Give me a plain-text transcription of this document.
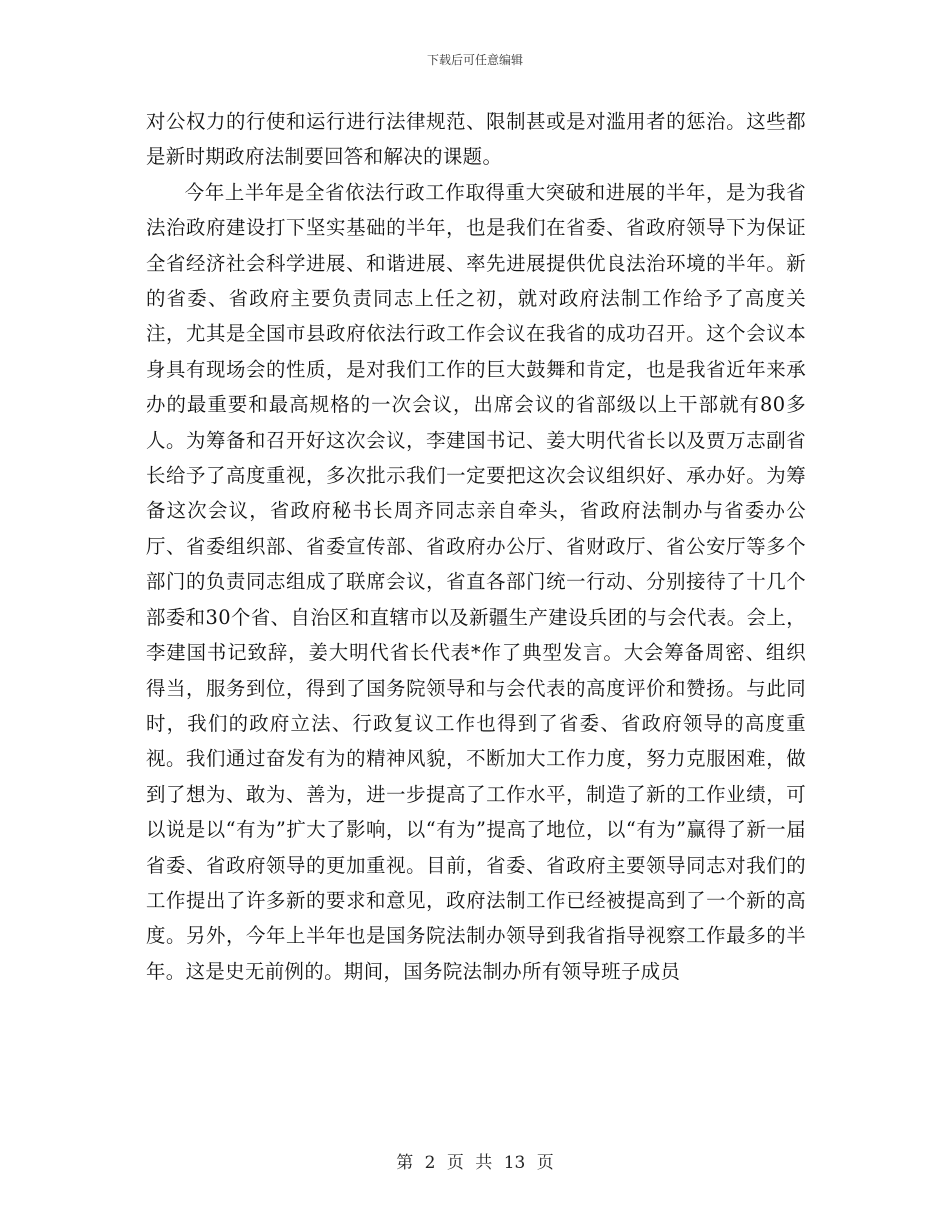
下载后可任意编辑

对公权力的行使和运行进行法律规范、限制甚或是对滥用者的惩治。这些都是新时期政府法制要回答和解决的课题。

今年上半年是全省依法行政工作取得重大突破和进展的半年，是为我省法治政府建设打下坚实基础的半年，也是我们在省委、省政府领导下为保证全省经济社会科学进展、和谐进展、率先进展提供优良法治环境的半年。新的省委、省政府主要负责同志上任之初，就对政府法制工作给予了高度关注，尤其是全国市县政府依法行政工作会议在我省的成功召开。这个会议本身具有现场会的性质，是对我们工作的巨大鼓舞和肯定，也是我省近年来承办的最重要和最高规格的一次会议，出席会议的省部级以上干部就有80多人。为筹备和召开好这次会议，李建国书记、姜大明代省长以及贾万志副省长给予了高度重视，多次批示我们一定要把这次会议组织好、承办好。为筹备这次会议，省政府秘书长周齐同志亲自牵头，省政府法制办与省委办公厅、省委组织部、省委宣传部、省政府办公厅、省财政厅、省公安厅等多个部门的负责同志组成了联席会议，省直各部门统一行动、分别接待了十几个部委和30个省、自治区和直辖市以及新疆生产建设兵团的与会代表。会上，李建国书记致辞，姜大明代省长代表*作了典型发言。大会筹备周密、组织得当，服务到位，得到了国务院领导和与会代表的高度评价和赞扬。与此同时，我们的政府立法、行政复议工作也得到了省委、省政府领导的高度重视。我们通过奋发有为的精神风貌，不断加大工作力度，努力克服困难，做到了想为、敢为、善为，进一步提高了工作水平，制造了新的工作业绩，可以说是以“有为”扩大了影响，以“有为”提高了地位，以“有为”赢得了新一届省委、省政府领导的更加重视。目前，省委、省政府主要领导同志对我们的工作提出了许多新的要求和意见，政府法制工作已经被提高到了一个新的高度。另外，今年上半年也是国务院法制办领导到我省指导视察工作最多的半年。这是史无前例的。期间，国务院法制办所有领导班子成员

第 2 页 共 13 页
